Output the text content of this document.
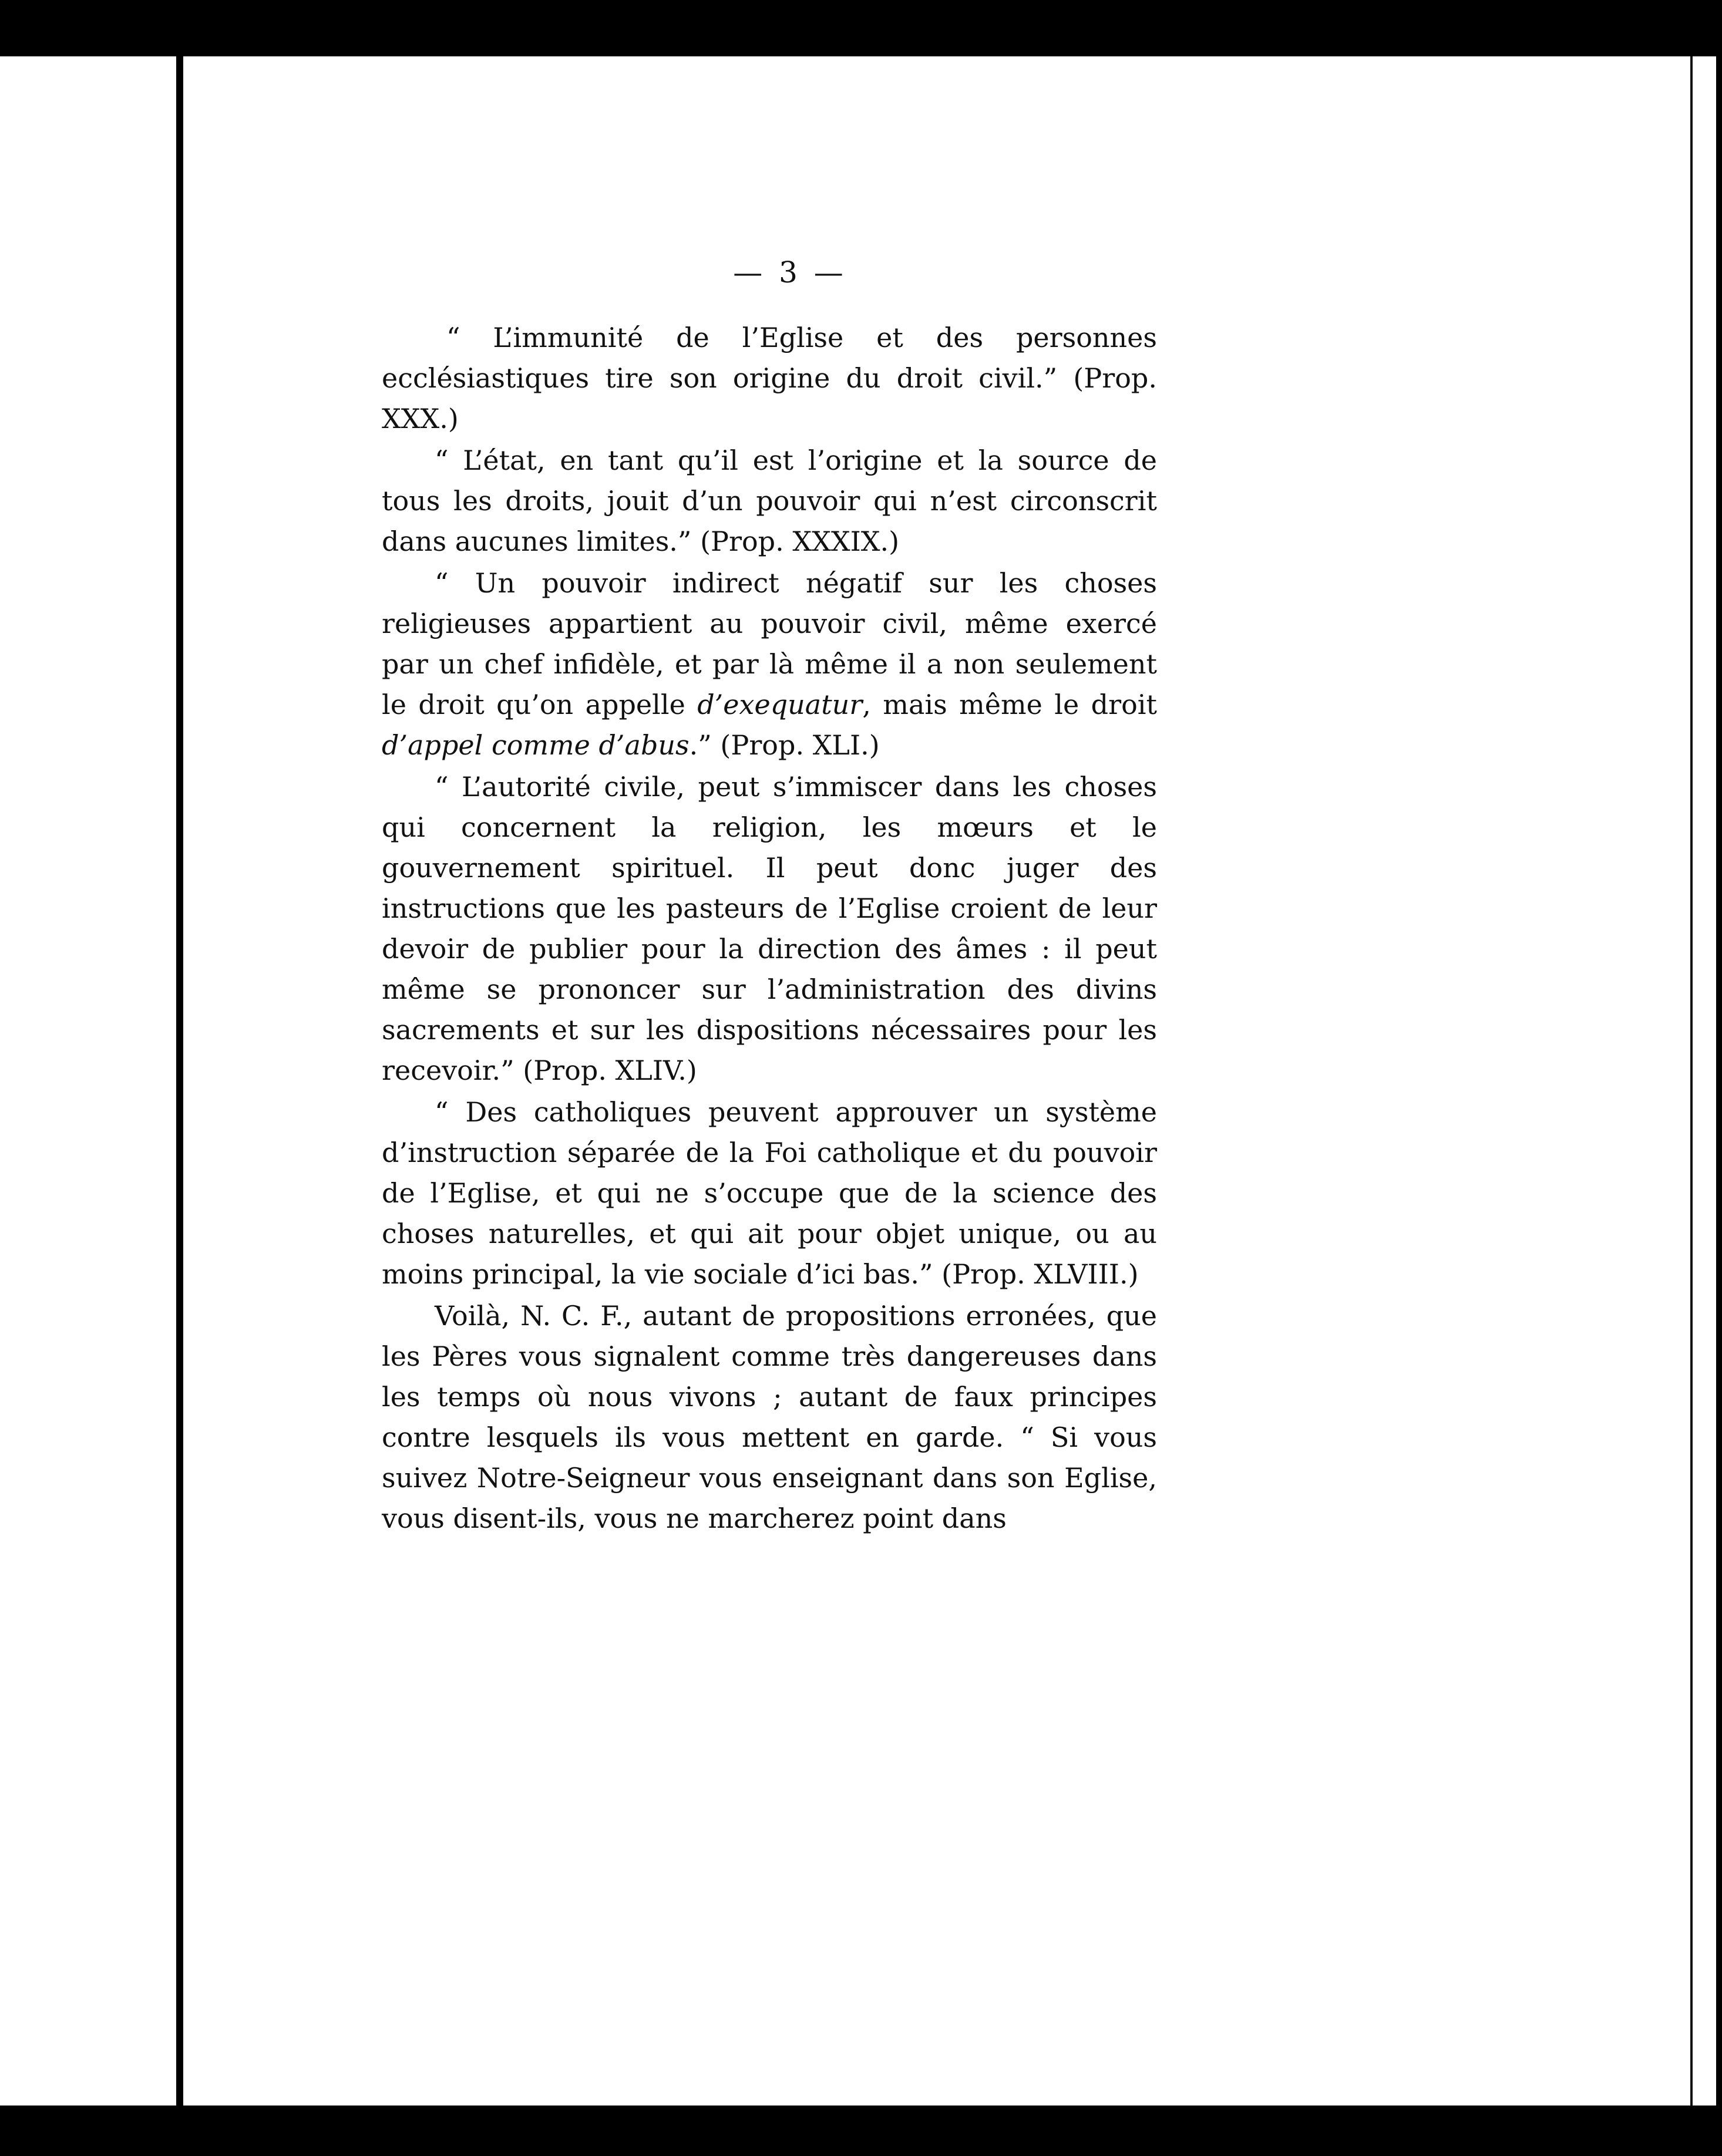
— 3 —

“ L’immunité de l’Eglise et des personnes ecclésiastiques tire son origine du droit civil.” (Prop. XXX.)

“ L’état, en tant qu’il est l’origine et la source de tous les droits, jouit d’un pouvoir qui n’est circonscrit dans aucunes limites.” (Prop. XXXIX.)

“ Un pouvoir indirect négatif sur les choses religieuses appartient au pouvoir civil, même exercé par un chef infidèle, et par là même il a non seulement le droit qu’on appelle d’exequatur, mais même le droit d’appel comme d’abus.” (Prop. XLI.)

“ L’autorité civile, peut s’immiscer dans les choses qui concernent la religion, les mœurs et le gouvernement spirituel. Il peut donc juger des instructions que les pasteurs de l’Eglise croient de leur devoir de publier pour la direction des âmes : il peut même se prononcer sur l’administration des divins sacrements et sur les dispositions nécessaires pour les recevoir.” (Prop. XLIV.)

“ Des catholiques peuvent approuver un système d’instruction séparée de la Foi catholique et du pouvoir de l’Eglise, et qui ne s’occupe que de la science des choses naturelles, et qui ait pour objet unique, ou au moins principal, la vie sociale d’ici bas.” (Prop. XLVIII.)

Voilà, N. C. F., autant de propositions erronées, que les Pères vous signalent comme très dangereuses dans les temps où nous vivons ; autant de faux principes contre lesquels ils vous mettent en garde. “ Si vous suivez Notre-Seigneur vous enseignant dans son Eglise, vous disent-ils, vous ne marcherez point dans
